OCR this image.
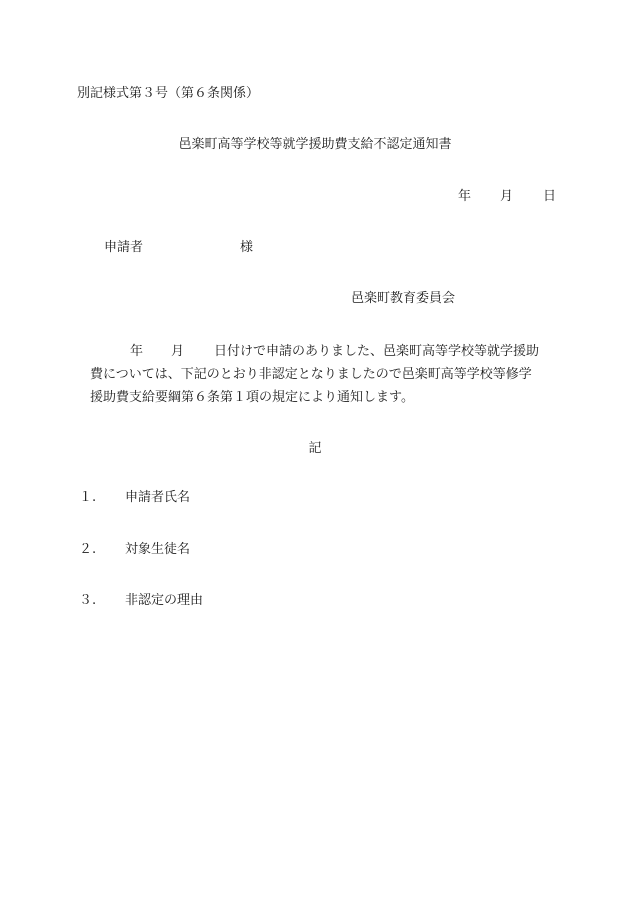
別記様式第３号（第６条関係）
邑楽町高等学校等就学援助費支給不認定通知書
年 月 日
申請者	様
邑楽町教育委員会
年 月 日付けで申請のありました、邑楽町高等学校等就学援助
費については、下記のとおり非認定となりましたので邑楽町高等学校等修学
援助費支給要綱第６条第１項の規定により通知します。
記
１. 申請者氏名
２. 対象生徒名
３. 非認定の理由
